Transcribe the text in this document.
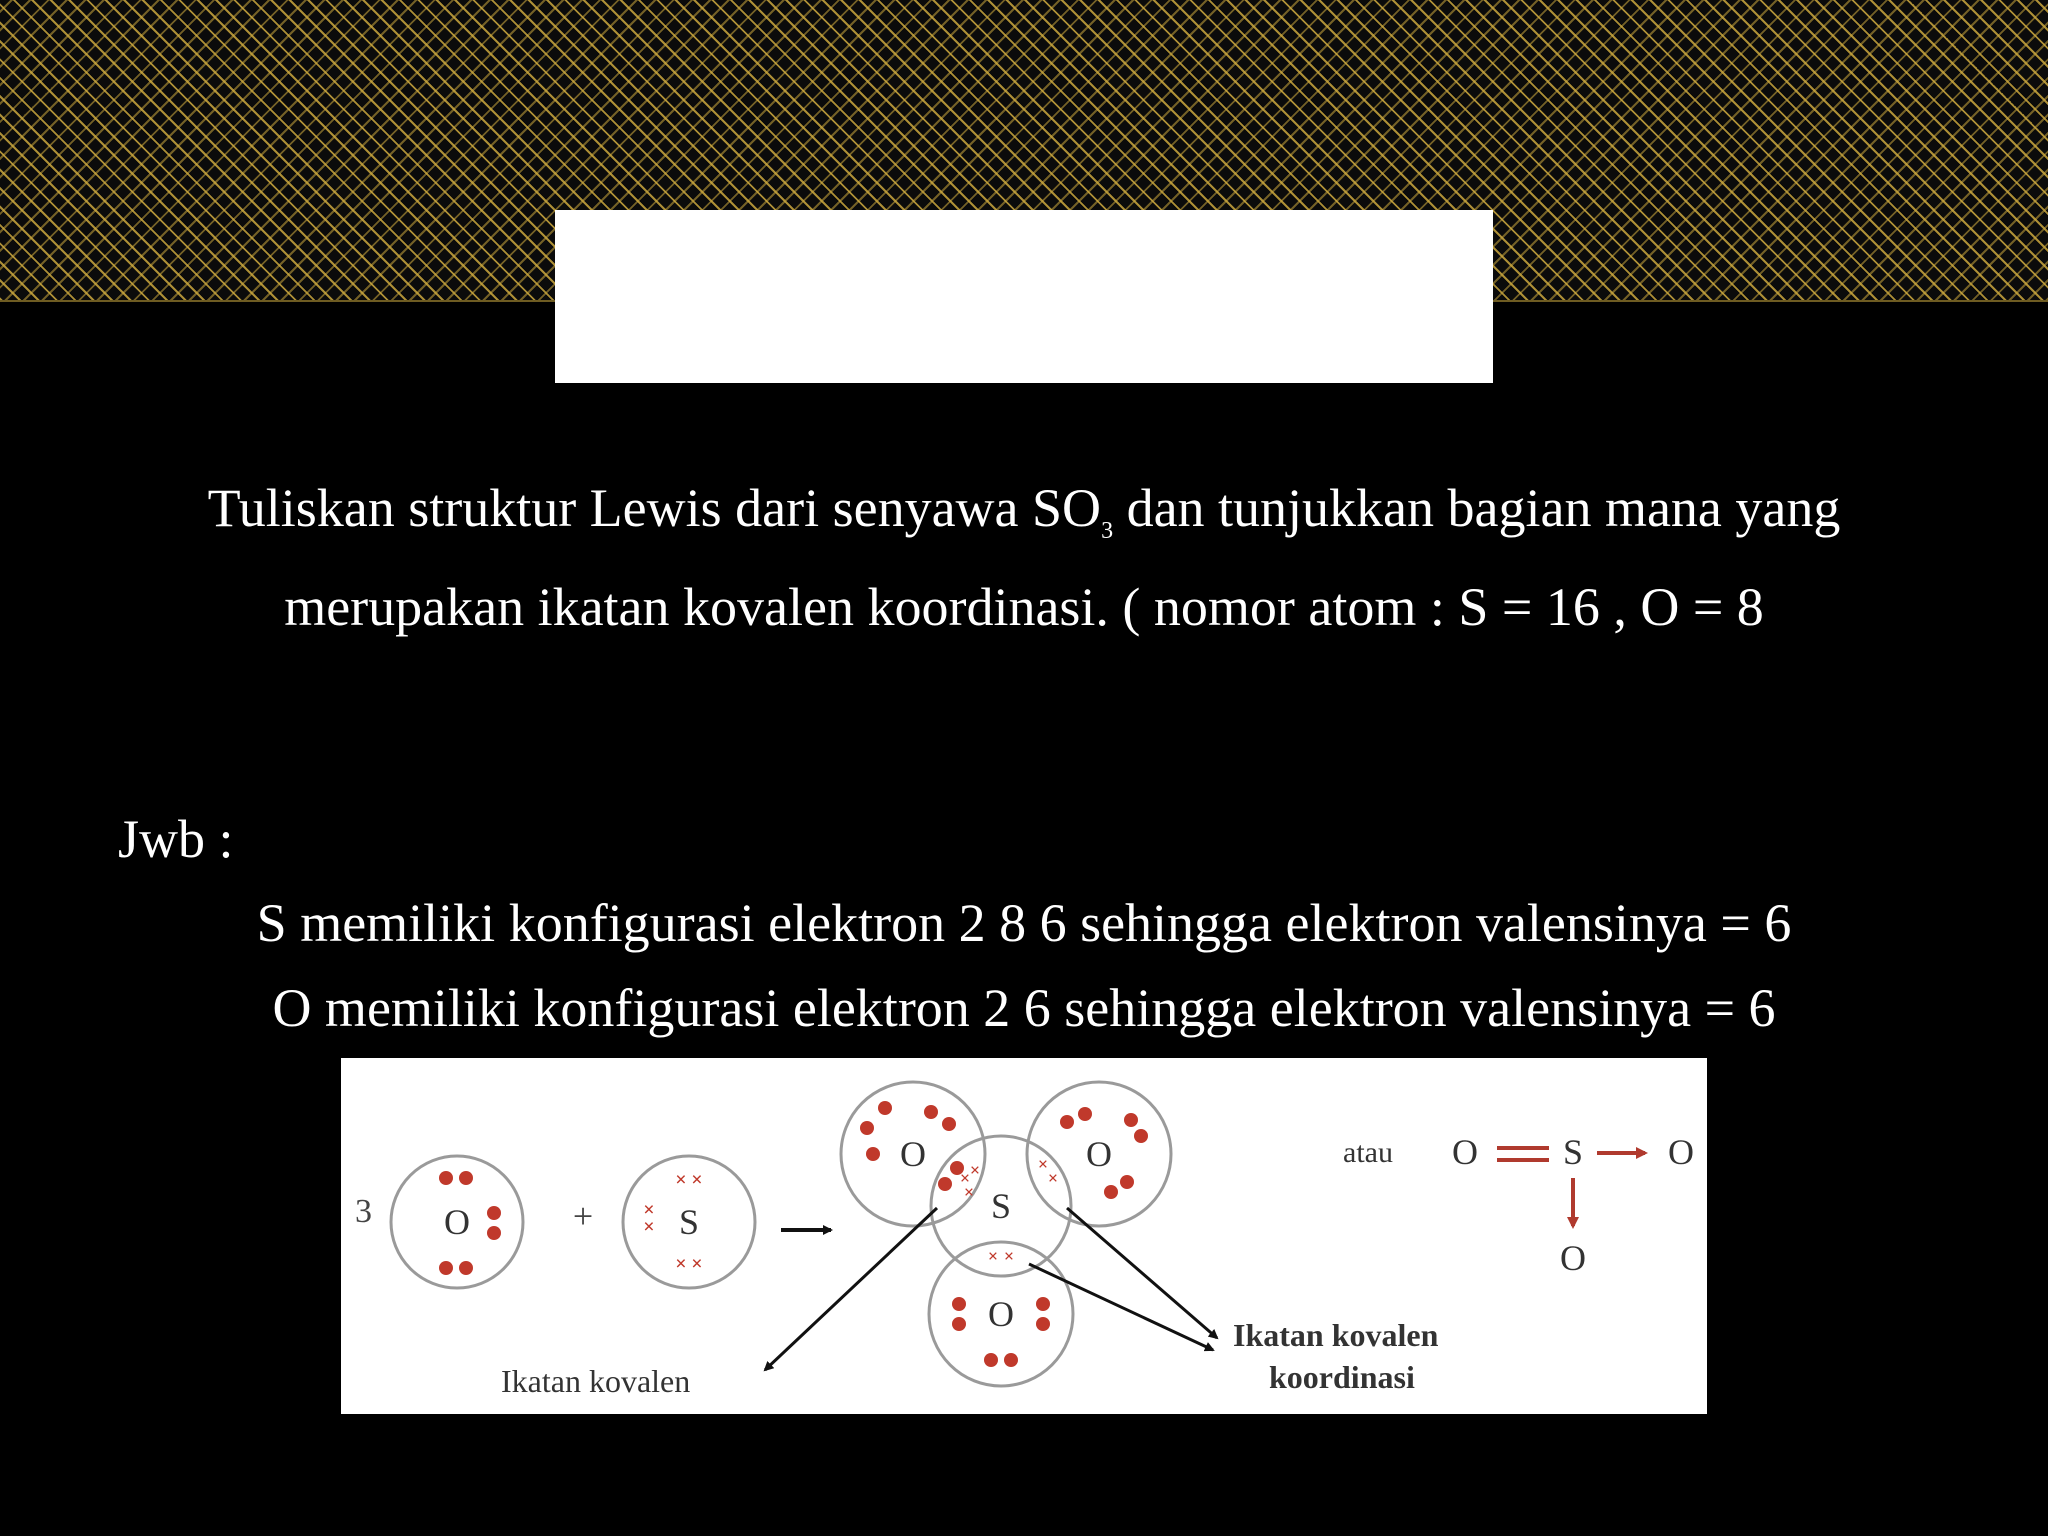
Tuliskan struktur Lewis dari senyawa $SO_3$ dan tunjukkan bagian mana yang
merupakan ikatan kovalen koordinasi. ( nomor atom : S = 16 , O = 8
Jwb :
S memiliki konfigurasi elektron 2 8 6 sehingga elektron valensinya = 6
O memiliki konfigurasi elektron 2 6 sehingga elektron valensinya = 6
3 O	+ S
× ×
×
×
× ×
S
O
× ×
×
O
×
×
O
× ×
Ikatan kovalen
Ikatan kovalen
koordinasi
atau O S O
O
